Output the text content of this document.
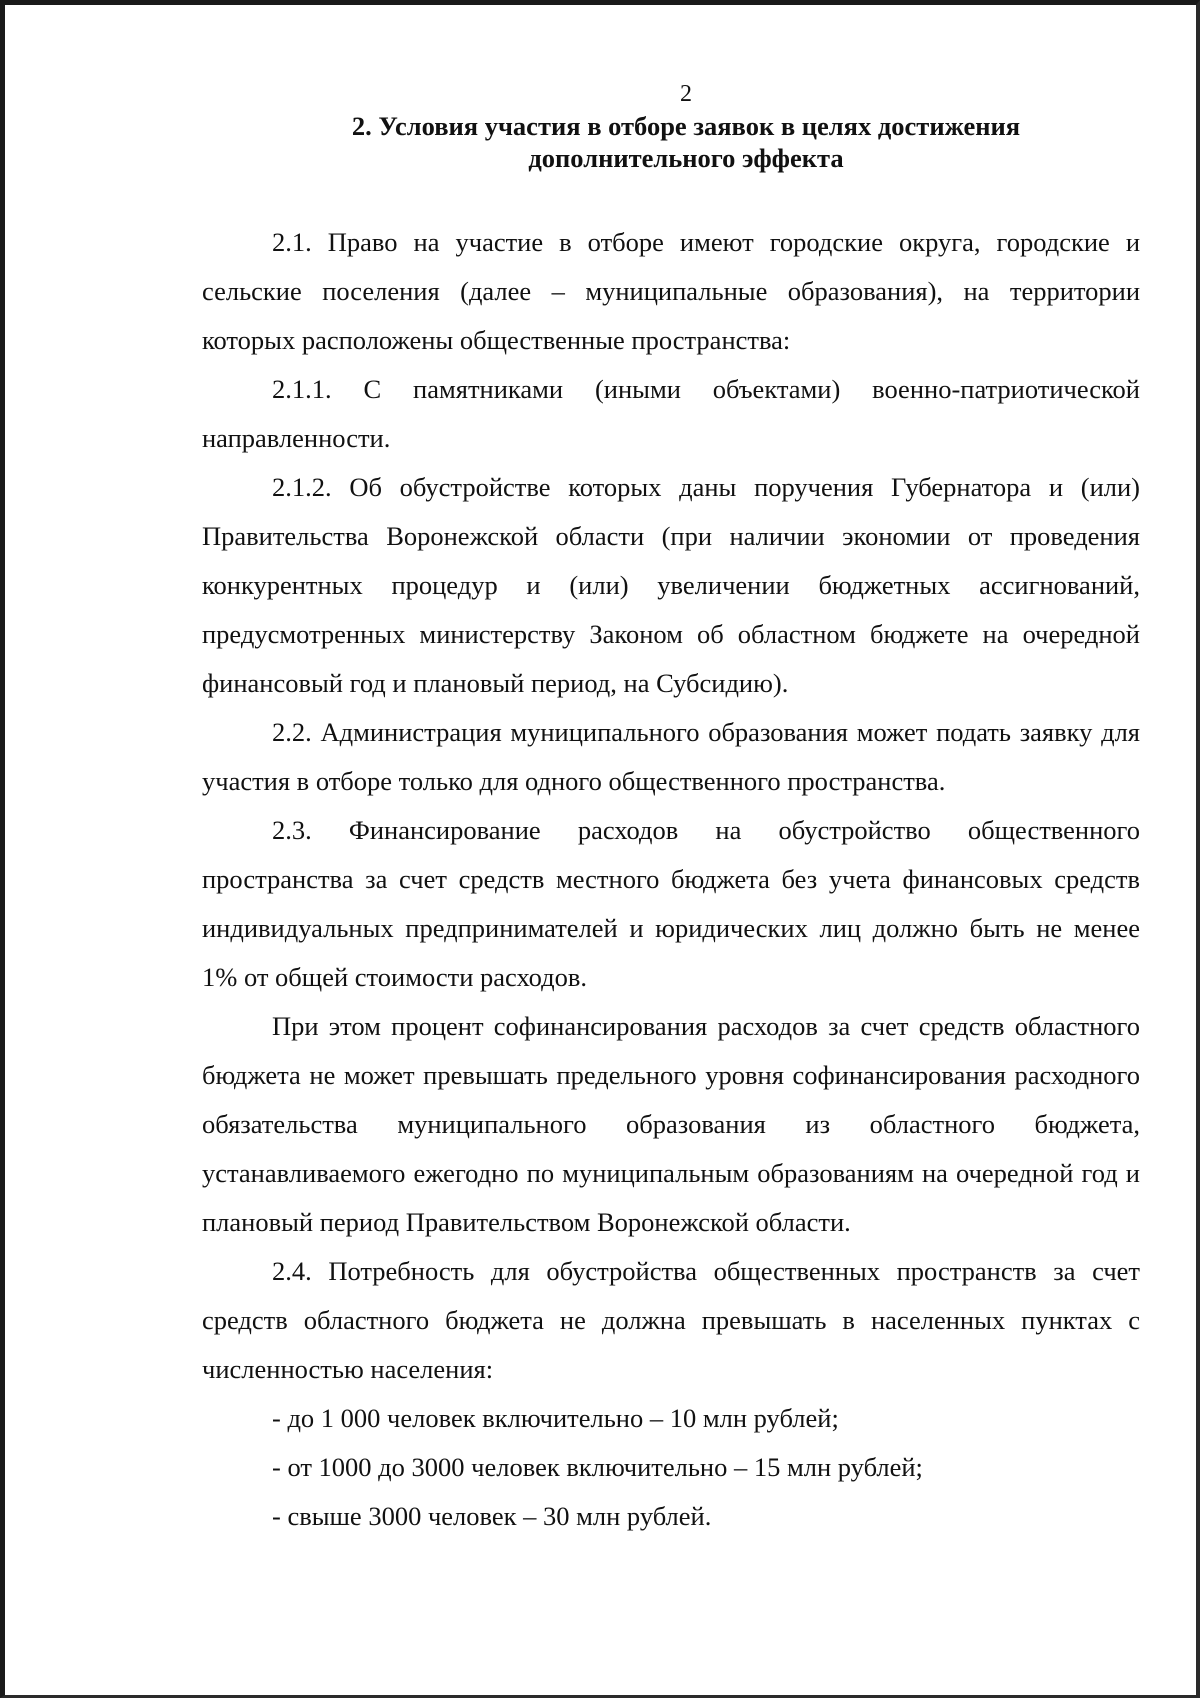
2
2. Условия участия в отборе заявок в целях достижения
дополнительного эффекта

2.1. Право на участие в отборе имеют городские округа, городские и сельские поселения (далее – муниципальные образования), на территории которых расположены общественные пространства:

2.1.1. С памятниками (иными объектами) военно-патриотической направленности.

2.1.2. Об обустройстве которых даны поручения Губернатора и (или) Правительства Воронежской области (при наличии экономии от проведения конкурентных процедур и (или) увеличении бюджетных ассигнований, предусмотренных министерству Законом об областном бюджете на очередной финансовый год и плановый период, на Субсидию).

2.2. Администрация муниципального образования может подать заявку для участия в отборе только для одного общественного пространства.

2.3. Финансирование расходов на обустройство общественного пространства за счет средств местного бюджета без учета финансовых средств индивидуальных предпринимателей и юридических лиц должно быть не менее 1% от общей стоимости расходов.

При этом процент софинансирования расходов за счет средств областного бюджета не может превышать предельного уровня софинансирования расходного обязательства муниципального образования из областного бюджета, устанавливаемого ежегодно по муниципальным образованиям на очередной год и плановый период Правительством Воронежской области.

2.4. Потребность для обустройства общественных пространств за счет средств областного бюджета не должна превышать в населенных пунктах с численностью населения:

- до 1 000 человек включительно – 10 млн рублей;

- от 1000 до 3000 человек включительно – 15 млн рублей;

- свыше 3000 человек – 30 млн рублей.
